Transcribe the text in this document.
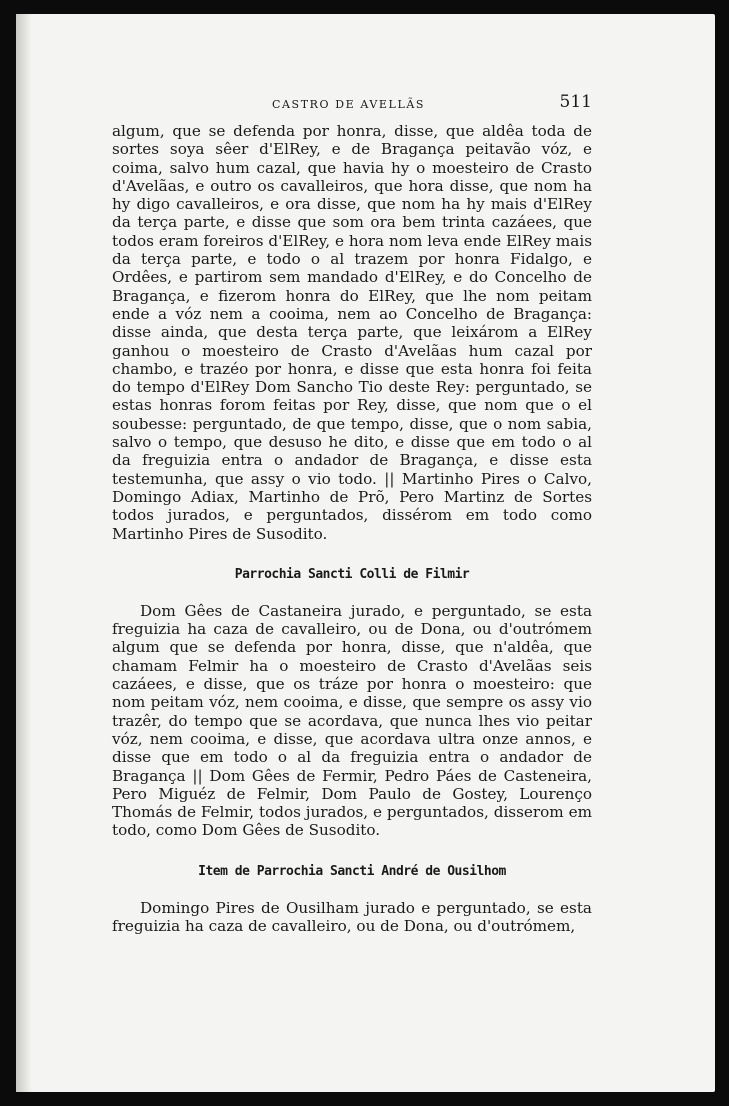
CASTRO DE AVELLÃS	511

algum, que se defenda por honra, disse, que aldêa toda de sortes soya sêer d'ElRey, e de Bragança peitavão vóz, e coima, salvo hum cazal, que havia hy o moesteiro de Crasto d'Avelãas, e outro os cavalleiros, que hora disse, que nom ha hy digo cavalleiros, e ora disse, que nom ha hy mais d'ElRey da terça parte, e disse que som ora bem trinta cazáees, que todos eram foreiros d'ElRey, e hora nom leva ende ElRey mais da terça parte, e todo o al trazem por honra Fidalgo, e Ordêes, e partirom sem mandado d'ElRey, e do Concelho de Bragança, e fizerom honra do ElRey, que lhe nom peitam ende a vóz nem a cooima, nem ao Concelho de Bragança: disse ainda, que desta terça parte, que leixárom a ElRey ganhou o moesteiro de Crasto d'Avelãas hum cazal por chambo, e trazéo por honra, e disse que esta honra foi feita do tempo d'ElRey Dom Sancho Tio deste Rey: perguntado, se estas honras forom feitas por Rey, disse, que nom que o el soubesse: perguntado, de que tempo, disse, que o nom sabia, salvo o tempo, que desuso he dito, e disse que em todo o al da freguizia entra o andador de Bragança, e disse esta testemunha, que assy o vio todo. || Martinho Pires o Calvo, Domingo Adiax, Martinho de Prõ, Pero Martinz de Sortes todos jurados, e perguntados, dissérom em todo como Martinho Pires de Susodito.

Parrochia Sancti Colli de Filmir

Dom Gêes de Castaneira jurado, e perguntado, se esta freguizia ha caza de cavalleiro, ou de Dona, ou d'outrómem algum que se defenda por honra, disse, que n'aldêa, que chamam Felmir ha o moesteiro de Crasto d'Avelãas seis cazáees, e disse, que os tráze por honra o moesteiro: que nom peitam vóz, nem cooima, e disse, que sempre os assy vio trazêr, do tempo que se acordava, que nunca lhes vio peitar vóz, nem cooima, e disse, que acordava ultra onze annos, e disse que em todo o al da freguizia entra o andador de Bragança || Dom Gêes de Fermir, Pedro Páes de Casteneira, Pero Miguéz de Felmir, Dom Paulo de Gostey, Lourenço Thomás de Felmir, todos jurados, e perguntados, disserom em todo, como Dom Gêes de Susodito.

Item de Parrochia Sancti André de Ousilhom

Domingo Pires de Ousilham jurado e perguntado, se esta freguizia ha caza de cavalleiro, ou de Dona, ou d'outrómem,
